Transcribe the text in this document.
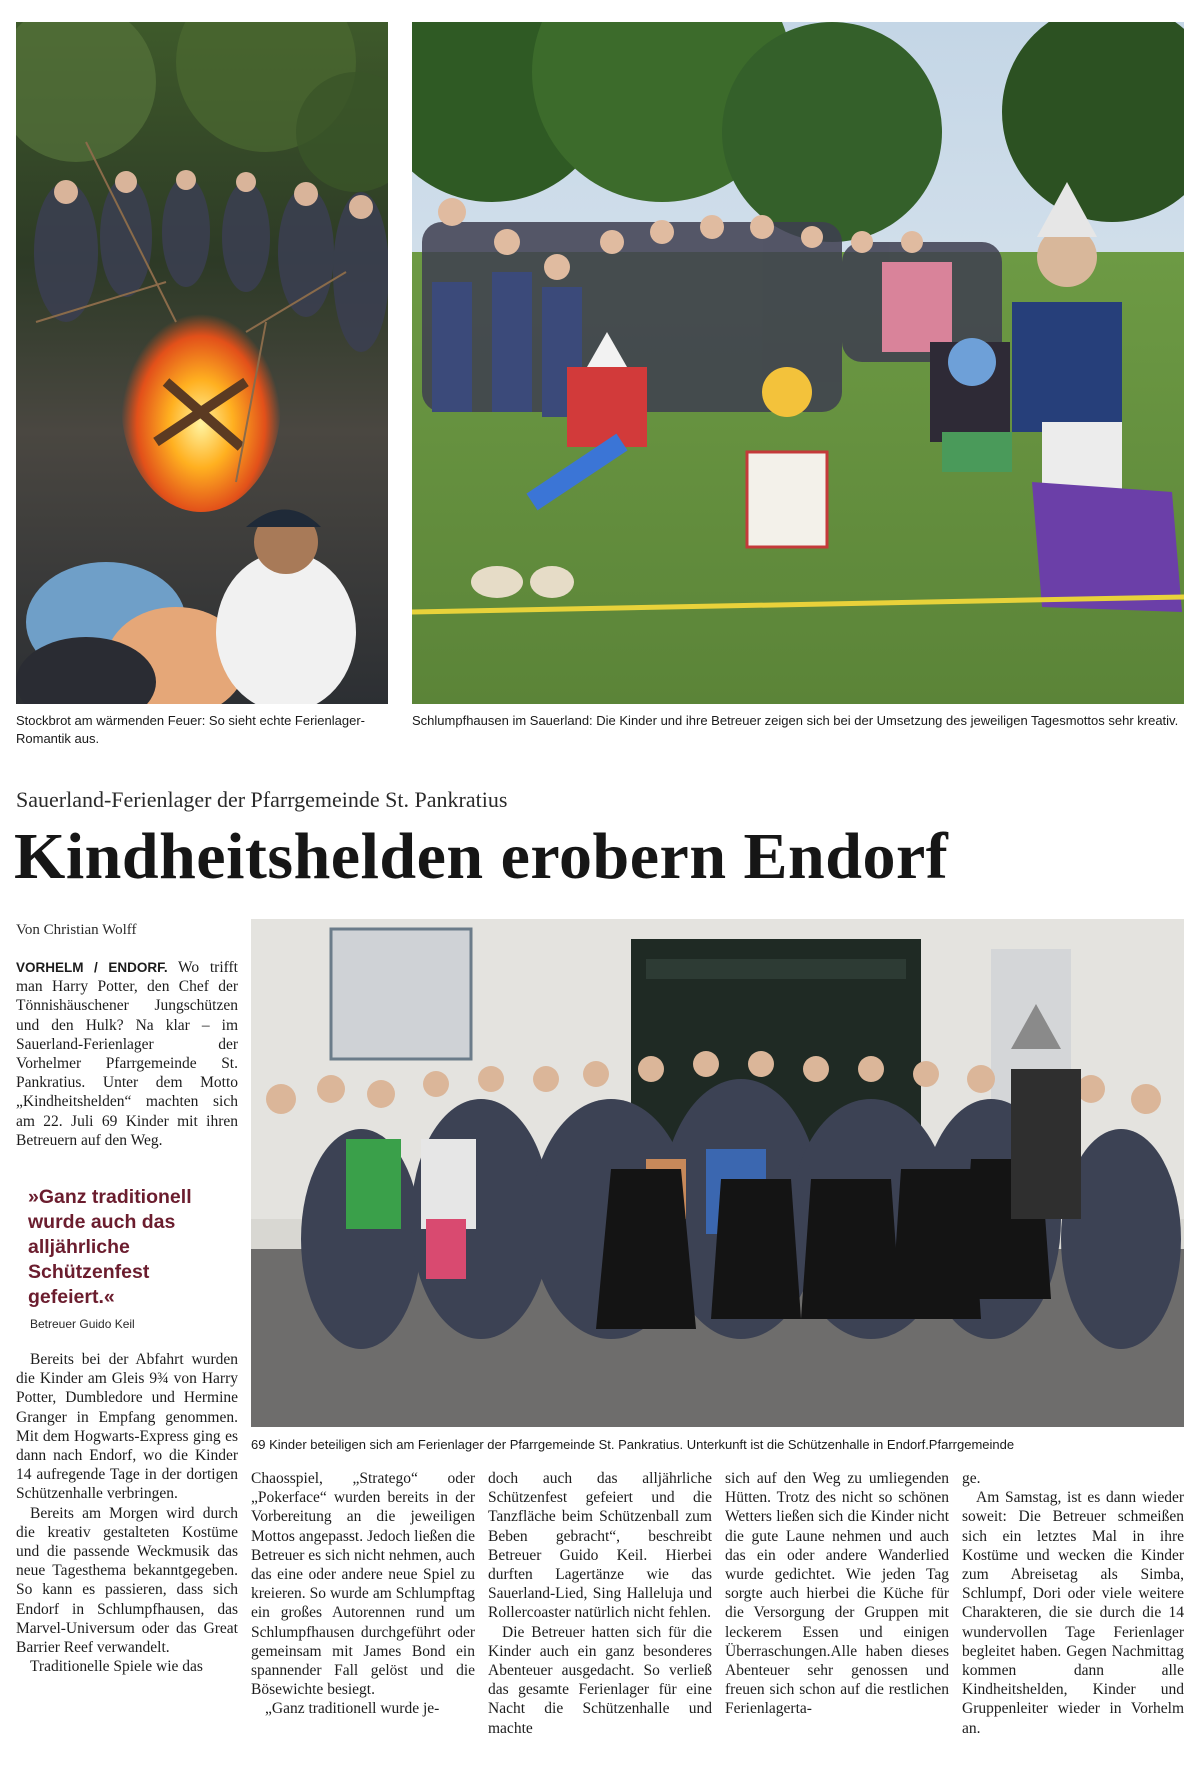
Stockbrot am wärmenden Feuer: So sieht echte Ferienlager-Romantik aus.
Schlumpfhausen im Sauerland: Die Kinder und ihre Betreuer zeigen sich bei der Umsetzung des jeweiligen Tagesmottos sehr kreativ.
Sauerland-Ferienlager der Pfarrgemeinde St. Pankratius
Kindheitshelden erobern Endorf
Von Christian Wolff

VORHELM / ENDORF. Wo trifft man Harry Potter, den Chef der Tönnishäuschener Jungschützen und den Hulk? Na klar – im Sauerland-Ferienlager der Vorhelmer Pfarrgemeinde St. Pankratius. Unter dem Motto „Kindheitshelden“ machten sich am 22. Juli 69 Kinder mit ihren Betreuern auf den Weg.

»Ganz traditionell wurde auch das alljährliche Schützenfest gefeiert.«
Betreuer Guido Keil

Bereits bei der Abfahrt wurden die Kinder am Gleis 9¾ von Harry Potter, Dumbledore und Hermine Granger in Empfang genommen. Mit dem Hogwarts-Express ging es dann nach Endorf, wo die Kinder 14 aufregende Tage in der dortigen Schützenhalle verbringen.

Bereits am Morgen wird durch die kreativ gestalteten Kostüme und die passende Weckmusik das neue Tagesthema bekanntgegeben. So kann es passieren, dass sich Endorf in Schlumpfhausen, das Marvel-Universum oder das Great Barrier Reef verwandelt.

Traditionelle Spiele wie das

69 Kinder beteiligen sich am Ferienlager der Pfarrgemeinde St. Pankratius. Unterkunft ist die Schützenhalle in Endorf.Pfarrgemeinde

Chaosspiel, „Stratego“ oder „Pokerface“ wurden bereits in der Vorbereitung an die jeweiligen Mottos angepasst. Jedoch ließen die Betreuer es sich nicht nehmen, auch das eine oder andere neue Spiel zu kreieren. So wurde am Schlumpftag ein großes Autorennen rund um Schlumpfhausen durchgeführt oder gemeinsam mit James Bond ein spannender Fall gelöst und die Bösewichte besiegt.

„Ganz traditionell wurde je-

doch auch das alljährliche Schützenfest gefeiert und die Tanzfläche beim Schützenball zum Beben gebracht“, beschreibt Betreuer Guido Keil. Hierbei durften Lagertänze wie das Sauerland-Lied, Sing Halleluja und Rollercoaster natürlich nicht fehlen.

Die Betreuer hatten sich für die Kinder auch ein ganz besonderes Abenteuer ausgedacht. So verließ das gesamte Ferienlager für eine Nacht die Schützenhalle und machte

sich auf den Weg zu umliegenden Hütten. Trotz des nicht so schönen Wetters ließen sich die Kinder nicht die gute Laune nehmen und auch das ein oder andere Wanderlied wurde gedichtet. Wie jeden Tag sorgte auch hierbei die Küche für die Versorgung der Gruppen mit leckerem Essen und einigen Überraschungen.Alle haben dieses Abenteuer sehr genossen und freuen sich schon auf die restlichen Ferienlagerta-

ge.

Am Samstag, ist es dann wieder soweit: Die Betreuer schmeißen sich ein letztes Mal in ihre Kostüme und wecken die Kinder zum Abreisetag als Simba, Schlumpf, Dori oder viele weitere Charakteren, die sie durch die 14 wundervollen Tage Ferienlager begleitet haben. Gegen Nachmittag kommen dann alle Kindheitshelden, Kinder und Gruppenleiter wieder in Vorhelm an.
